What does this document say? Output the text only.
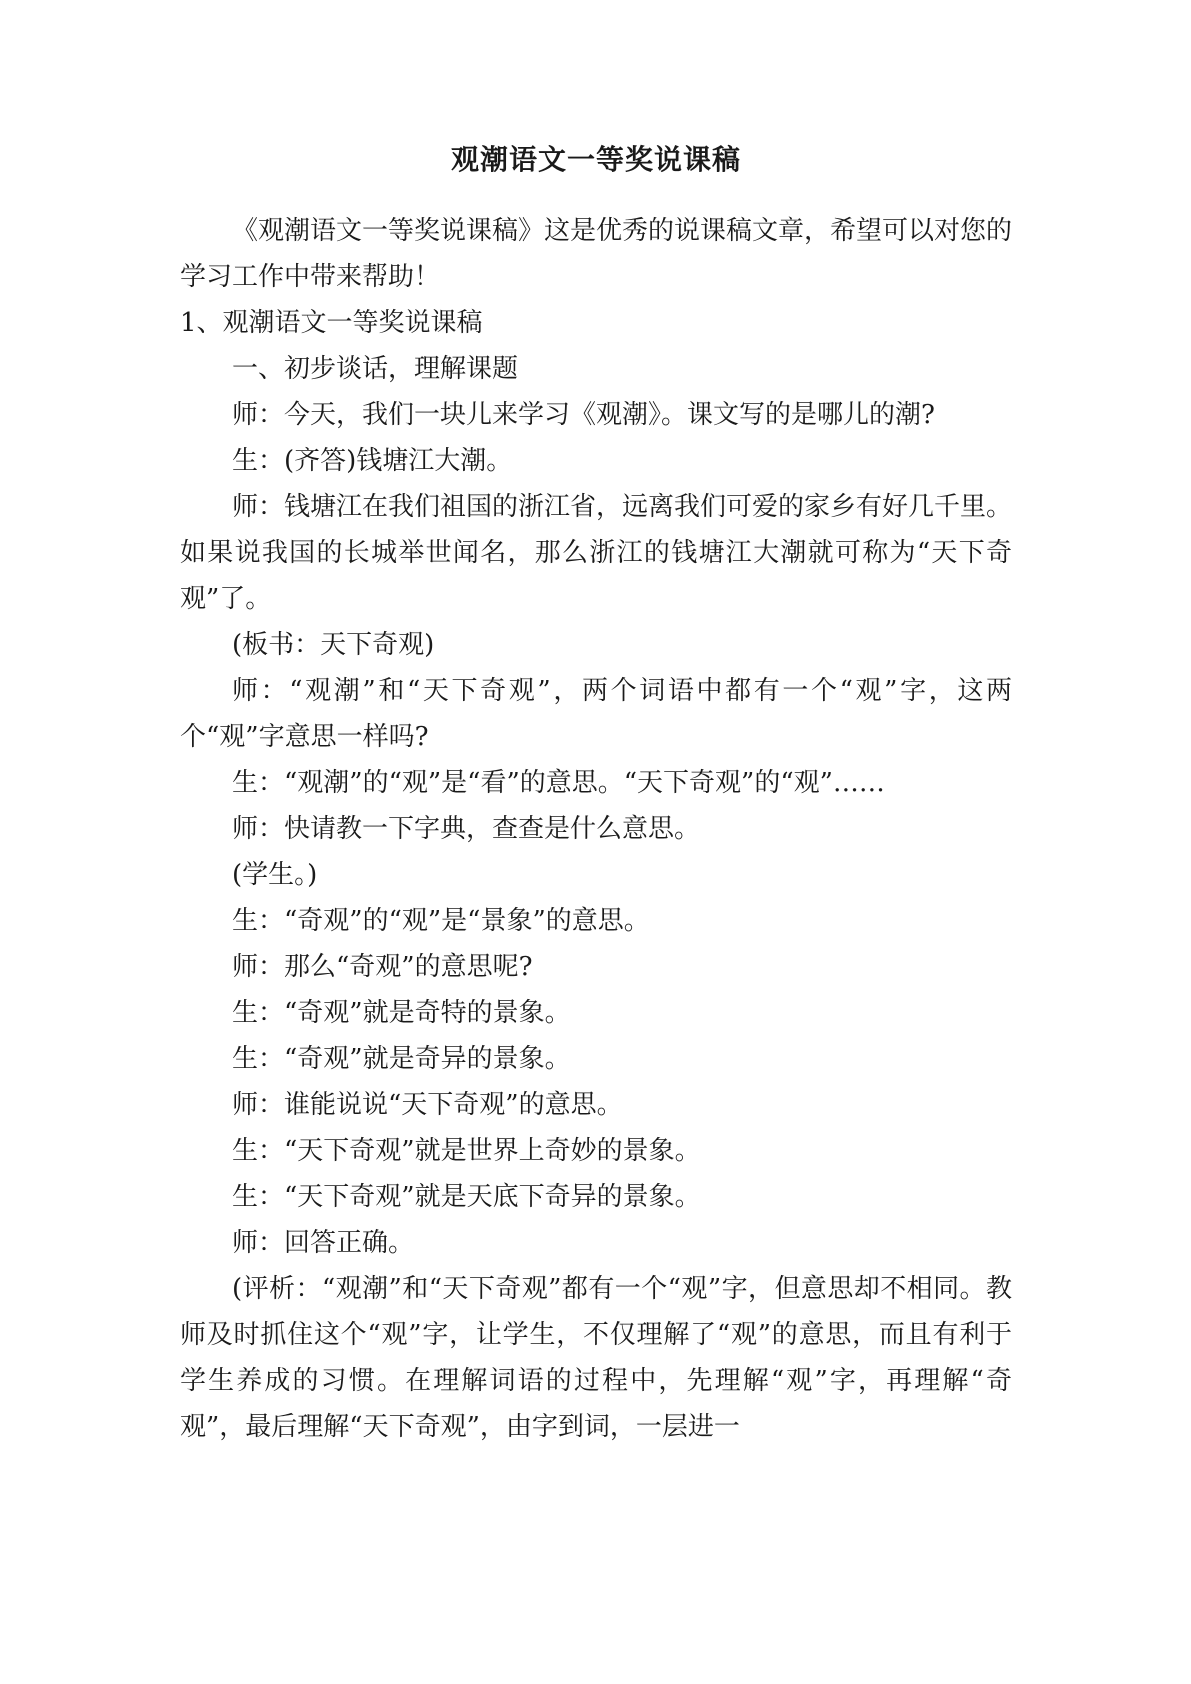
观潮语文一等奖说课稿

《观潮语文一等奖说课稿》这是优秀的说课稿文章，希望可以对您的学习工作中带来帮助！

1、观潮语文一等奖说课稿

一、初步谈话，理解课题

师：今天，我们一块儿来学习《观潮》。课文写的是哪儿的潮?

生：(齐答)钱塘江大潮。

师：钱塘江在我们祖国的浙江省，远离我们可爱的家乡有好几千里。如果说我国的长城举世闻名，那么浙江的钱塘江大潮就可称为“天下奇观”了。

(板书：天下奇观)

师：“观潮”和“天下奇观”，两个词语中都有一个“观”字，这两个“观”字意思一样吗?

生：“观潮”的“观”是“看”的意思。“天下奇观”的“观”……

师：快请教一下字典，查查是什么意思。

(学生。)

生：“奇观”的“观”是“景象”的意思。

师：那么“奇观”的意思呢?

生：“奇观”就是奇特的景象。

生：“奇观”就是奇异的景象。

师：谁能说说“天下奇观”的意思。

生：“天下奇观”就是世界上奇妙的景象。

生：“天下奇观”就是天底下奇异的景象。

师：回答正确。

(评析：“观潮”和“天下奇观”都有一个“观”字，但意思却不相同。教师及时抓住这个“观”字，让学生，不仅理解了“观”的意思，而且有利于学生养成的习惯。在理解词语的过程中，先理解“观”字，再理解“奇观”，最后理解“天下奇观”，由字到词，一层进一
